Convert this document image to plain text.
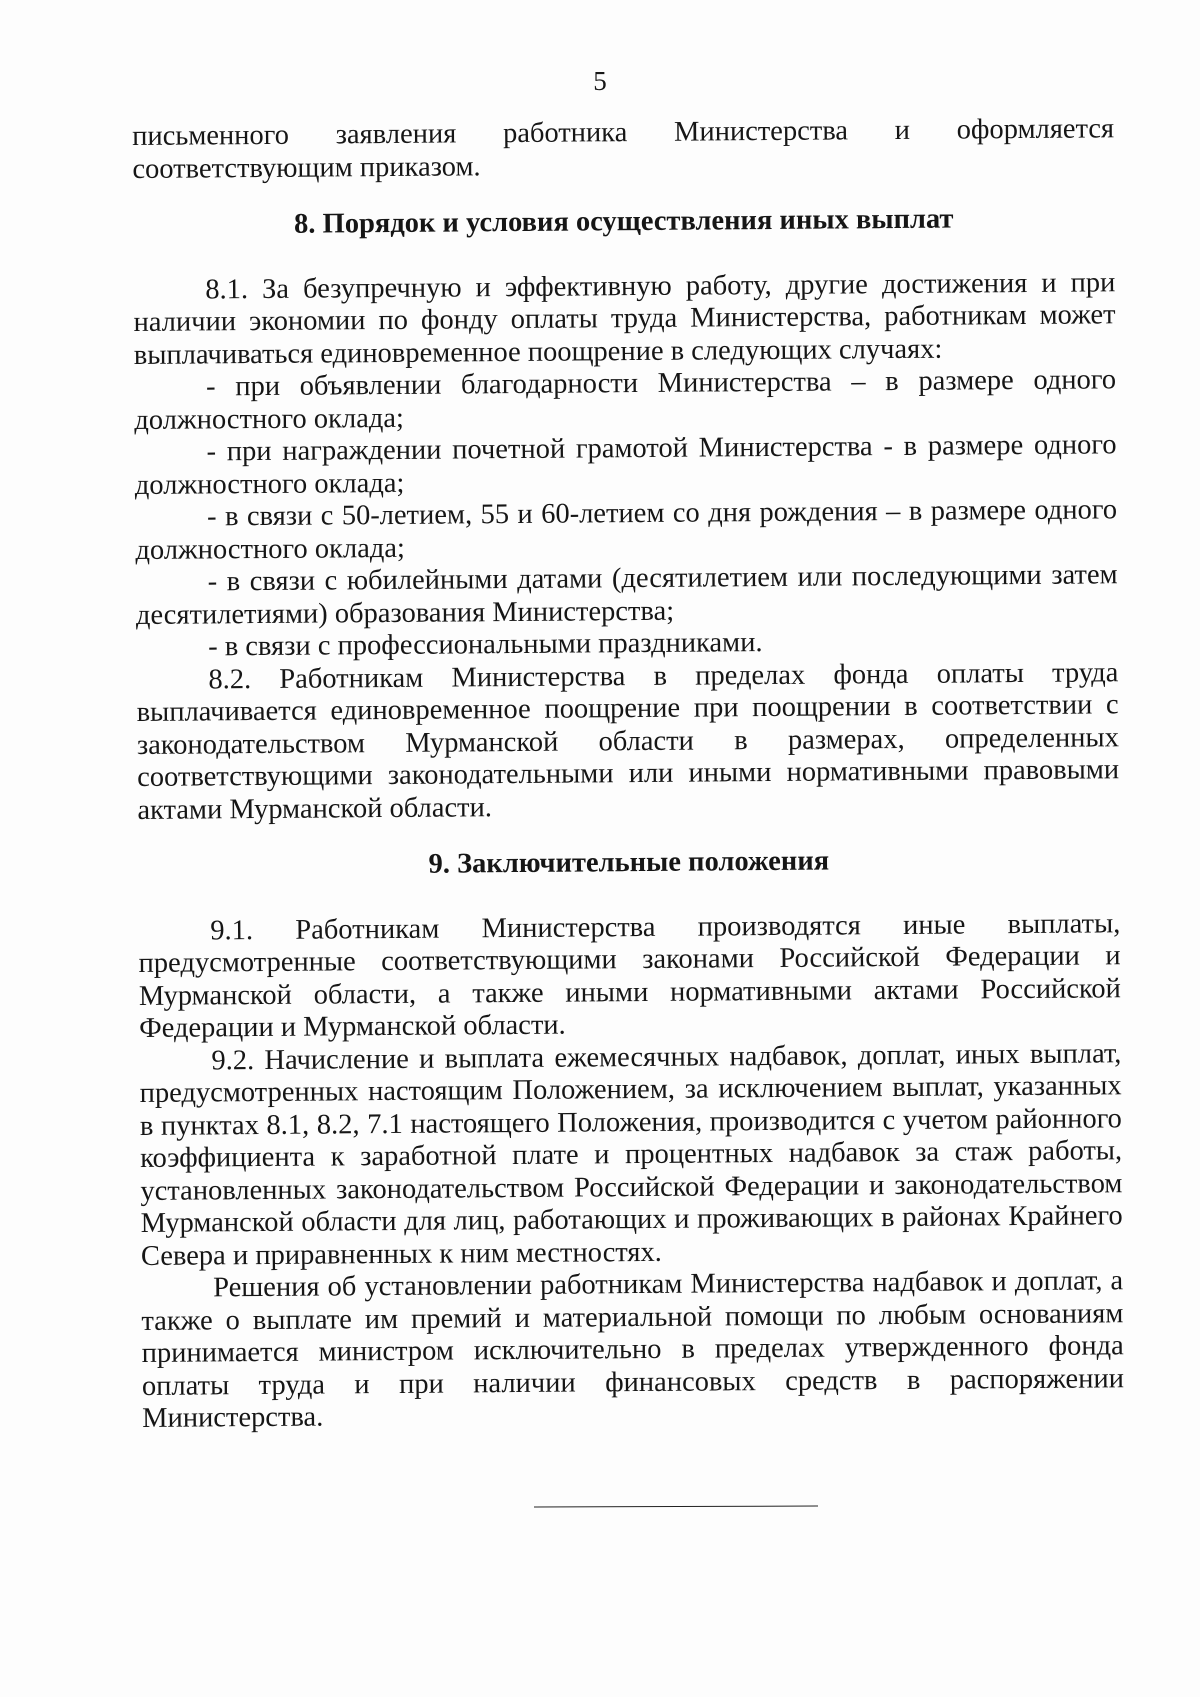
5

письменного заявления работника Министерства и оформляется
соответствующим приказом.

8. Порядок и условия осуществления иных выплат

8.1. За безупречную и эффективную работу, другие достижения и при наличии экономии по фонду оплаты труда Министерства, работникам может выплачиваться единовременное поощрение в следующих случаях:

- при объявлении благодарности Министерства – в размере одного должностного оклада;

- при награждении почетной грамотой Министерства - в размере одного должностного оклада;

- в связи с 50-летием, 55 и 60-летием со дня рождения – в размере одного должностного оклада;

- в связи с юбилейными датами (десятилетием или последующими затем десятилетиями) образования Министерства;

- в связи с профессиональными праздниками.

8.2. Работникам Министерства в пределах фонда оплаты труда выплачивается единовременное поощрение при поощрении в соответствии с законодательством Мурманской области в размерах, определенных соответствующими законодательными или иными нормативными правовыми актами Мурманской области.

9. Заключительные положения

9.1. Работникам Министерства производятся иные выплаты, предусмотренные соответствующими законами Российской Федерации и Мурманской области, а также иными нормативными актами Российской Федерации и Мурманской области.

9.2. Начисление и выплата ежемесячных надбавок, доплат, иных выплат, предусмотренных настоящим Положением, за исключением выплат, указанных в пунктах 8.1, 8.2, 7.1 настоящего Положения, производится с учетом районного коэффициента к заработной плате и процентных надбавок за стаж работы, установленных законодательством Российской Федерации и законодательством Мурманской области для лиц, работающих и проживающих в районах Крайнего Севера и приравненных к ним местностях.

Решения об установлении работникам Министерства надбавок и доплат, а также о выплате им премий и материальной помощи по любым основаниям принимается министром исключительно в пределах утвержденного фонда оплаты труда и при наличии финансовых средств в распоряжении Министерства.
